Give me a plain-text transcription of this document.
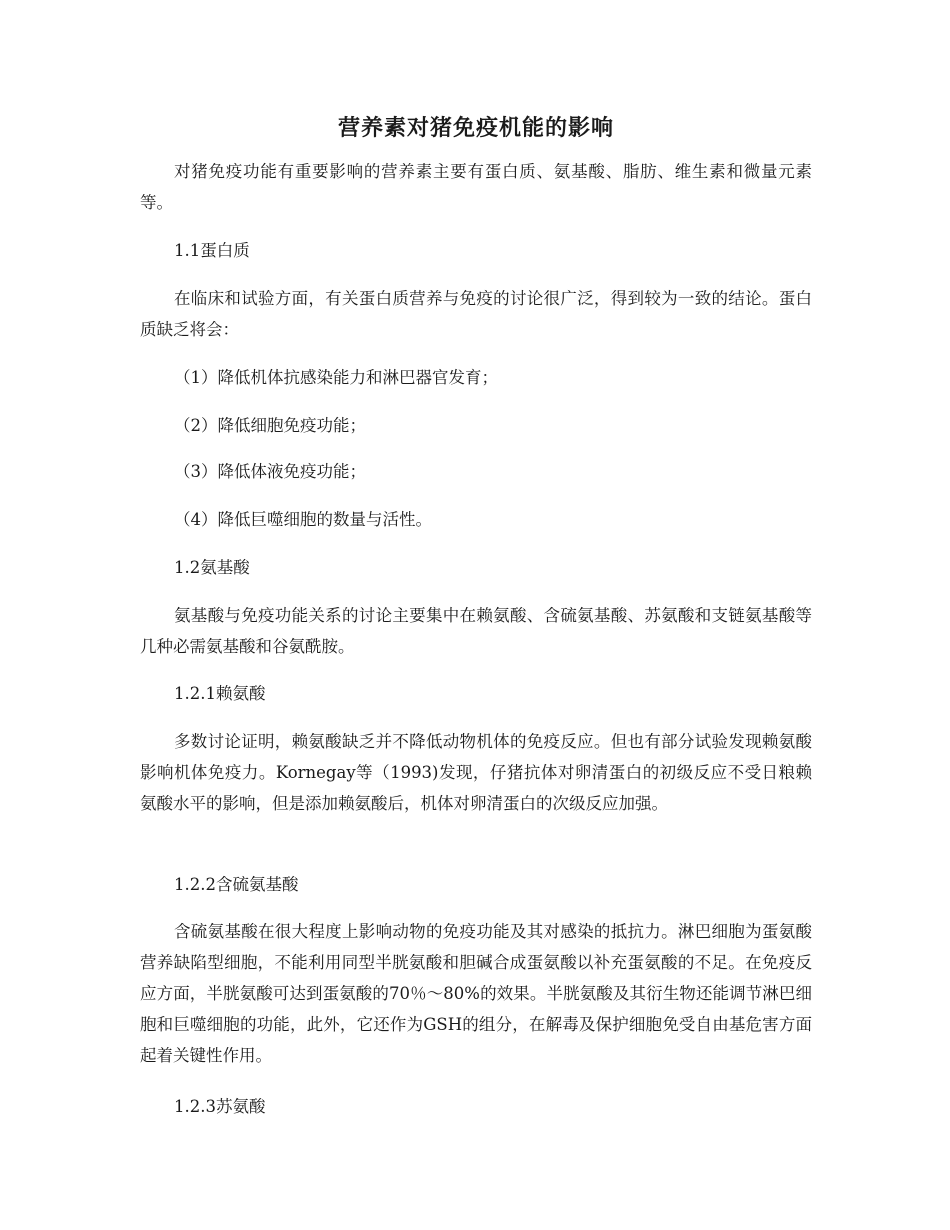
营养素对猪免疫机能的影响

对猪免疫功能有重要影响的营养素主要有蛋白质、氨基酸、脂肪、维生素和微量元素等。

1.1蛋白质

在临床和试验方面，有关蛋白质营养与免疫的讨论很广泛，得到较为一致的结论。蛋白质缺乏将会：

（1）降低机体抗感染能力和淋巴器官发育；

（2）降低细胞免疫功能；

（3）降低体液免疫功能；

（4）降低巨噬细胞的数量与活性。

1.2氨基酸

氨基酸与免疫功能关系的讨论主要集中在赖氨酸、含硫氨基酸、苏氨酸和支链氨基酸等几种必需氨基酸和谷氨酰胺。

1.2.1赖氨酸

多数讨论证明，赖氨酸缺乏并不降低动物机体的免疫反应。但也有部分试验发现赖氨酸影响机体免疫力。Kornegay等（1993)发现，仔猪抗体对卵清蛋白的初级反应不受日粮赖氨酸水平的影响，但是添加赖氨酸后，机体对卵清蛋白的次级反应加强。

1.2.2含硫氨基酸

含硫氨基酸在很大程度上影响动物的免疫功能及其对感染的抵抗力。淋巴细胞为蛋氨酸营养缺陷型细胞，不能利用同型半胱氨酸和胆碱合成蛋氨酸以补充蛋氨酸的不足。在免疫反应方面，半胱氨酸可达到蛋氨酸的70％～80%的效果。半胱氨酸及其衍生物还能调节淋巴细胞和巨噬细胞的功能，此外，它还作为GSH的组分，在解毒及保护细胞免受自由基危害方面起着关键性作用。

1.2.3苏氨酸
